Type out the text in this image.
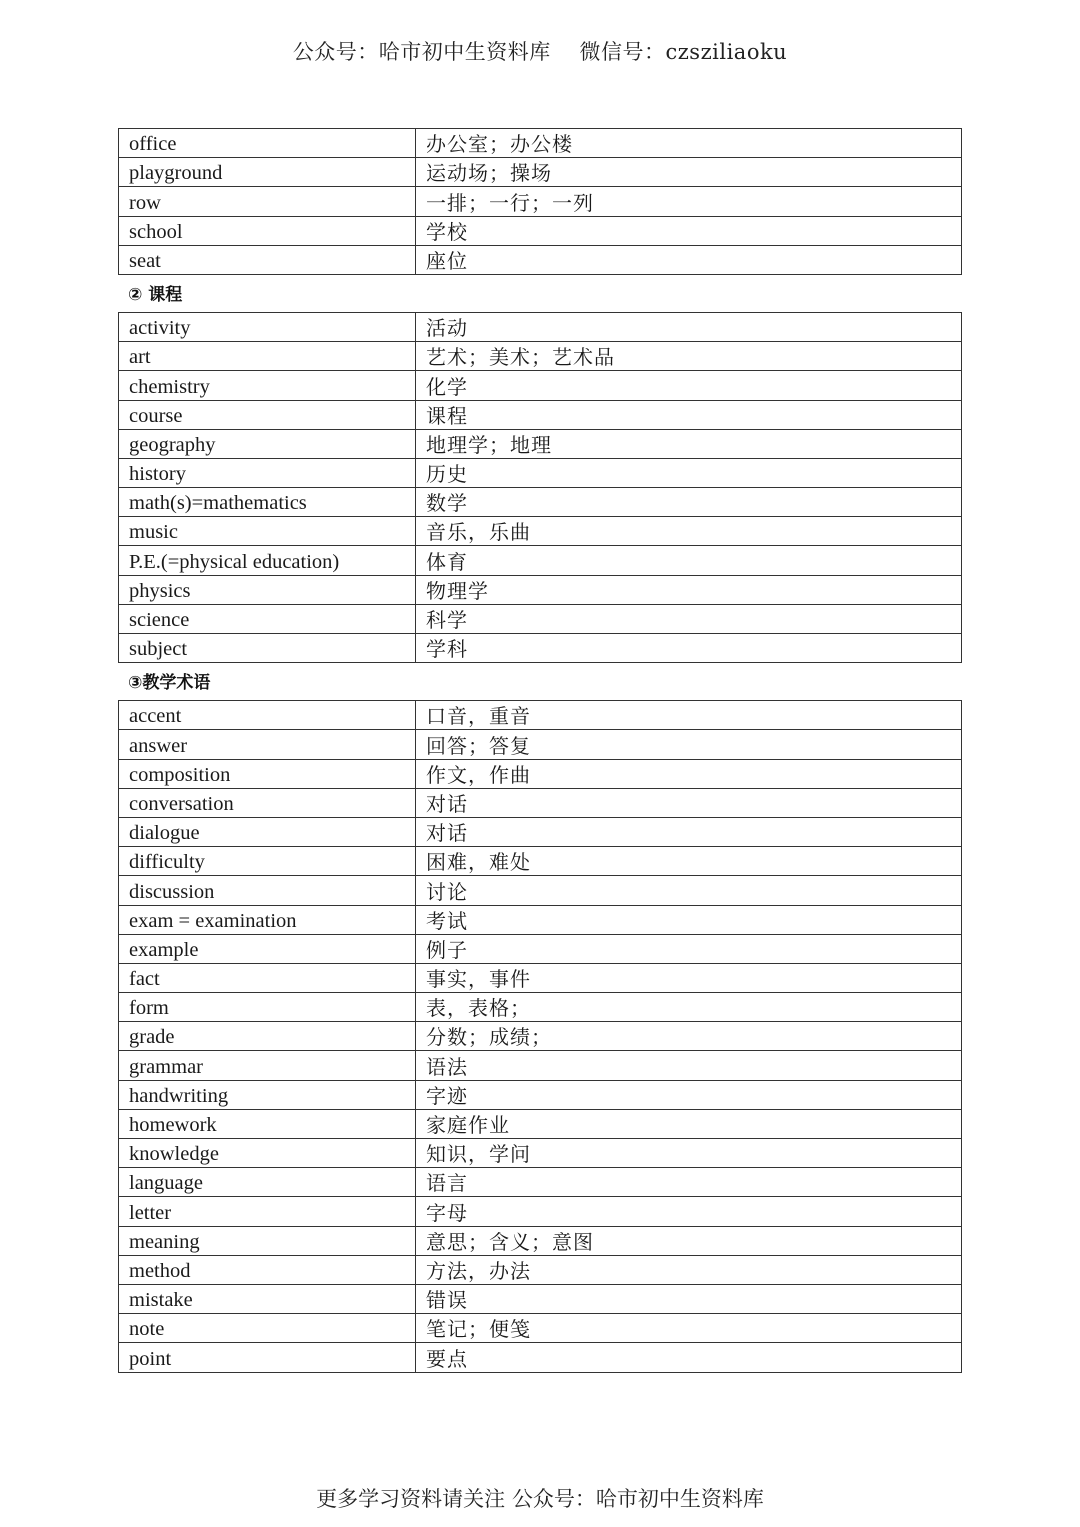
公众号：哈市初中生资料库    微信号：czsziliaoku
office	办公室；办公楼
playground	运动场；操场
row	一排；一行；一列
school	学校
seat	座位
② 课程
activity	活动
art	艺术；美术；艺术品
chemistry	化学
course	课程
geography	地理学；地理
history	历史
math(s)=mathematics	数学
music	音乐，乐曲
P.E.(=physical education)	体育
physics	物理学
science	科学
subject	学科
③教学术语
accent	口音，重音
answer	回答；答复
composition	作文，作曲
conversation	对话
dialogue	对话
difficulty	困难，难处
discussion	讨论
exam = examination	考试
example	例子
fact	事实，事件
form	表，表格；
grade	分数；成绩；
grammar	语法
handwriting	字迹
homework	家庭作业
knowledge	知识，学问
language	语言
letter	字母
meaning	意思；含义；意图
method	方法，办法
mistake	错误
note	笔记；便笺
point	要点
更多学习资料请关注 公众号：哈市初中生资料库
